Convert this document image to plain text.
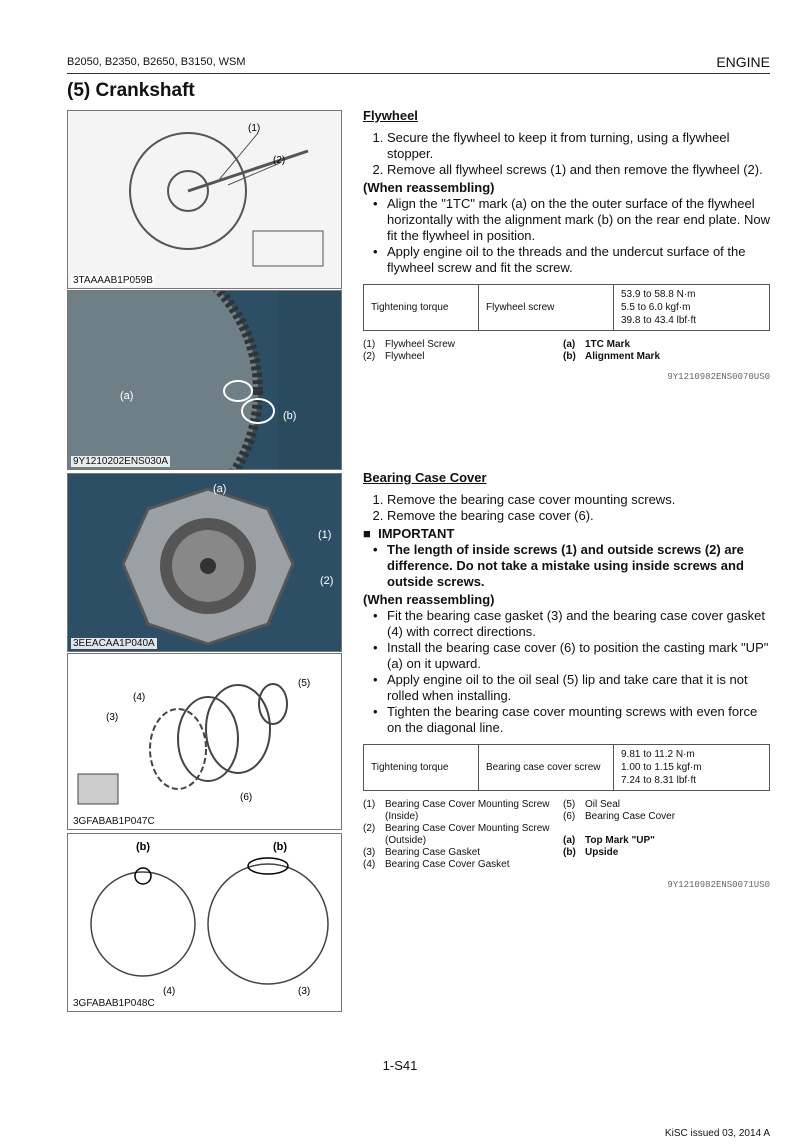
B2050, B2350, B2650, B3150, WSM	ENGINE
(5) Crankshaft
(1)
(2)
3TAAAAB1P059B
(a)
(b)
9Y1210202ENS030A
(a)
(1)
(2)
3EEACAA1P040A
(4)
(3)
(5)
(6)
3GFABAB1P047C
(b)	(b)
(4)	(3)
3GFABAB1P048C
Flywheel
1. Secure the flywheel to keep it from turning, using a flywheel stopper.
2. Remove all flywheel screws (1) and then remove the flywheel (2).
(When reassembling)
• Align the "1TC" mark (a) on the the outer surface of the flywheel horizontally with the alignment mark (b) on the rear end plate. Now fit the flywheel in position.
• Apply engine oil to the threads and the undercut surface of the flywheel screw and fit the screw.
Tightening torque	Flywheel screw	
53.9 to 58.8 N·m
5.5 to 6.0 kgf·m
39.8 to 43.4 lbf·ft
(1) Flywheel Screw
(2) Flywheel
(a) 1TC Mark
(b) Alignment Mark
9Y1210982ENS0070US0
Bearing Case Cover
1. Remove the bearing case cover mounting screws.
2. Remove the bearing case cover (6).
■  IMPORTANT
• The length of inside screws (1) and outside screws (2) are difference. Do not take a mistake using inside screws and outside screws.
(When reassembling)
• Fit the bearing case gasket (3) and the bearing case cover gasket (4) with correct directions.
• Install the bearing case cover (6) to position the casting mark "UP" (a) on it upward.
• Apply engine oil to the oil seal (5) lip and take care that it is not rolled when installing.
• Tighten the bearing case cover mounting screws with even force on the diagonal line.
Tightening torque	Bearing case cover screw	
9.81 to 11.2 N·m
1.00 to 1.15 kgf·m
7.24 to 8.31 lbf·ft
(1) Bearing Case Cover Mounting Screw (Inside)
(2) Bearing Case Cover Mounting Screw (Outside)
(3) Bearing Case Gasket
(4) Bearing Case Cover Gasket
(5) Oil Seal
(6) Bearing Case Cover
(a) Top Mark "UP"
(b) Upside
9Y1210982ENS0071US0
1-S41
KiSC issued 03, 2014 A
